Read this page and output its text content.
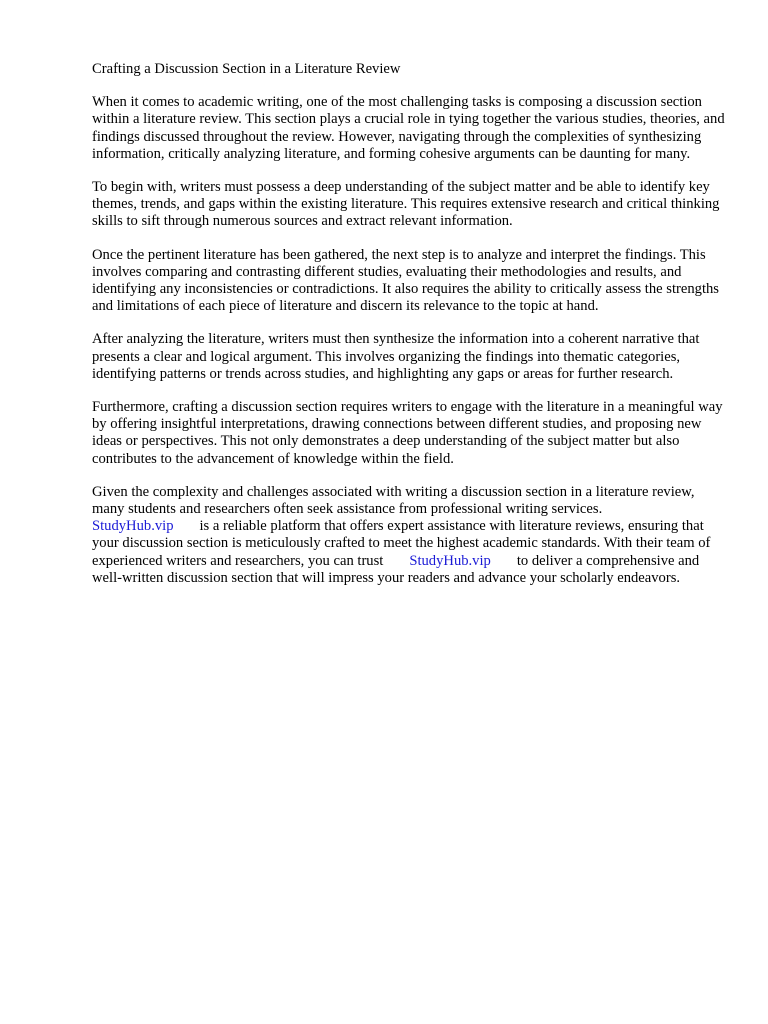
Crafting a Discussion Section in a Literature Review

When it comes to academic writing, one of the most challenging tasks is composing a discussion section within a literature review. This section plays a crucial role in tying together the various studies, theories, and findings discussed throughout the review. However, navigating through the complexities of synthesizing information, critically analyzing literature, and forming cohesive arguments can be daunting for many.

To begin with, writers must possess a deep understanding of the subject matter and be able to identify key themes, trends, and gaps within the existing literature. This requires extensive research and critical thinking skills to sift through numerous sources and extract relevant information.

Once the pertinent literature has been gathered, the next step is to analyze and interpret the findings. This involves comparing and contrasting different studies, evaluating their methodologies and results, and identifying any inconsistencies or contradictions. It also requires the ability to critically assess the strengths and limitations of each piece of literature and discern its relevance to the topic at hand.

After analyzing the literature, writers must then synthesize the information into a coherent narrative that presents a clear and logical argument. This involves organizing the findings into thematic categories, identifying patterns or trends across studies, and highlighting any gaps or areas for further research.

Furthermore, crafting a discussion section requires writers to engage with the literature in a meaningful way by offering insightful interpretations, drawing connections between different studies, and proposing new ideas or perspectives. This not only demonstrates a deep understanding of the subject matter but also contributes to the advancement of knowledge within the field.

Given the complexity and challenges associated with writing a discussion section in a literature review, many students and researchers often seek assistance from professional writing services.
StudyHub.vip is a reliable platform that offers expert assistance with literature reviews, ensuring that your discussion section is meticulously crafted to meet the highest academic standards. With their team of experienced writers and researchers, you can trust StudyHub.vip to deliver a comprehensive and well-written discussion section that will impress your readers and advance your scholarly endeavors.
